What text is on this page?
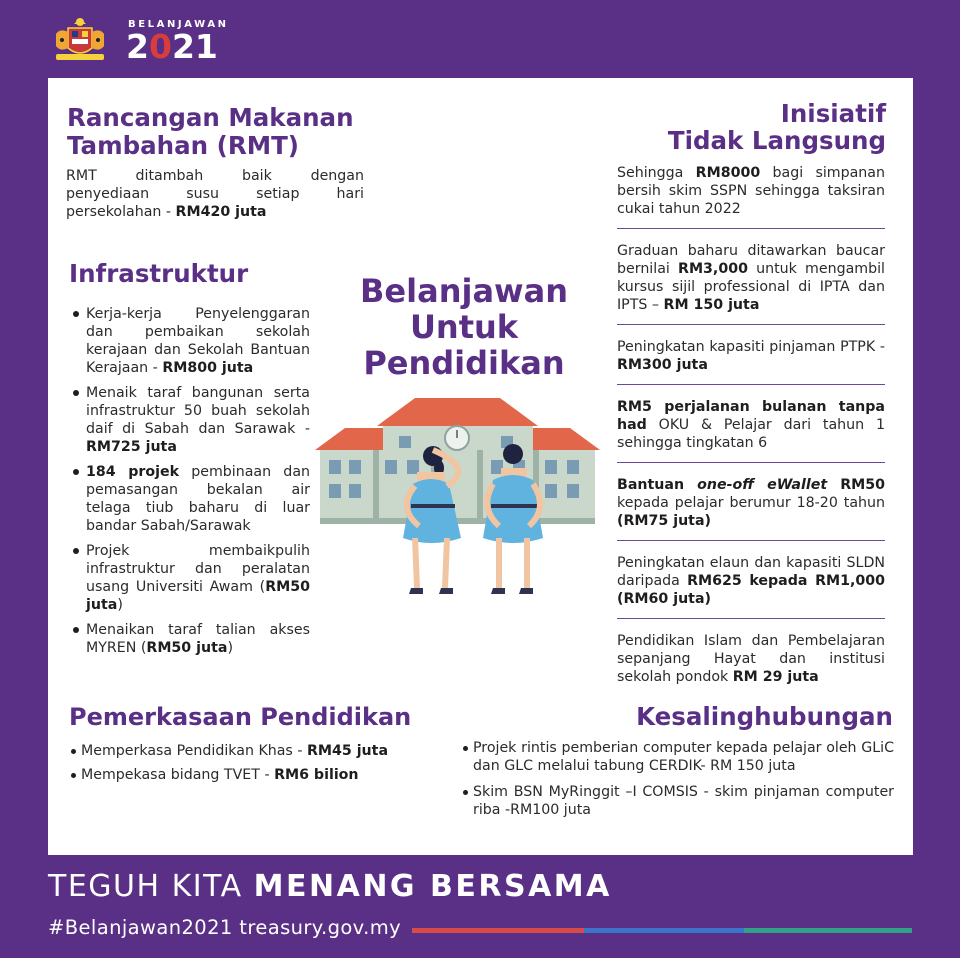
BELANJAWAN
2021
Rancangan Makanan
Tambahan (RMT)
RMT ditambah baik dengan
penyediaan susu setiap hari
persekolahan - RM420 juta
Infrastruktur
Kerja-kerja Penyelenggaran dan pembaikan sekolah kerajaan dan Sekolah Bantuan Kerajaan - RM800 juta
Menaik taraf bangunan serta infrastruktur 50 buah sekolah daif di Sabah dan Sarawak - RM725 juta
184 projek pembinaan dan pemasangan bekalan air telaga tiub baharu di luar bandar Sabah/Sarawak
Projek membaikpulih infrastruktur dan peralatan usang Universiti Awam (RM50 juta)
Menaikan taraf talian akses MYREN (RM50 juta)
Belanjawan
Untuk
Pendidikan
Pemerkasaan Pendidikan
Memperkasa Pendidikan Khas - RM45 juta
Mempekasa bidang TVET - RM6 bilion
Inisiatif
Tidak Langsung
Sehingga RM8000 bagi simpanan bersih skim SSPN sehingga taksiran cukai tahun 2022
Graduan baharu ditawarkan baucar bernilai RM3,000 untuk mengambil kursus sijil professional di IPTA dan IPTS – RM 150 juta
Peningkatan kapasiti pinjaman PTPK - RM300 juta
RM5 perjalanan bulanan tanpa had OKU & Pelajar dari tahun 1 sehingga tingkatan 6
Bantuan one-off eWallet RM50 kepada pelajar berumur 18-20 tahun (RM75 juta)
Peningkatan elaun dan kapasiti SLDN daripada RM625 kepada RM1,000 (RM60 juta)
Pendidikan Islam dan Pembelajaran sepanjang Hayat dan institusi sekolah pondok RM 29 juta
Kesalinghubungan
Projek rintis pemberian computer kepada pelajar oleh GLiC dan GLC melalui tabung CERDIK- RM 150 juta
Skim BSN MyRinggit –I COMSIS - skim pinjaman computer riba -RM100 juta
TEGUH KITA MENANG BERSAMA
#Belanjawan2021 treasury.gov.my
